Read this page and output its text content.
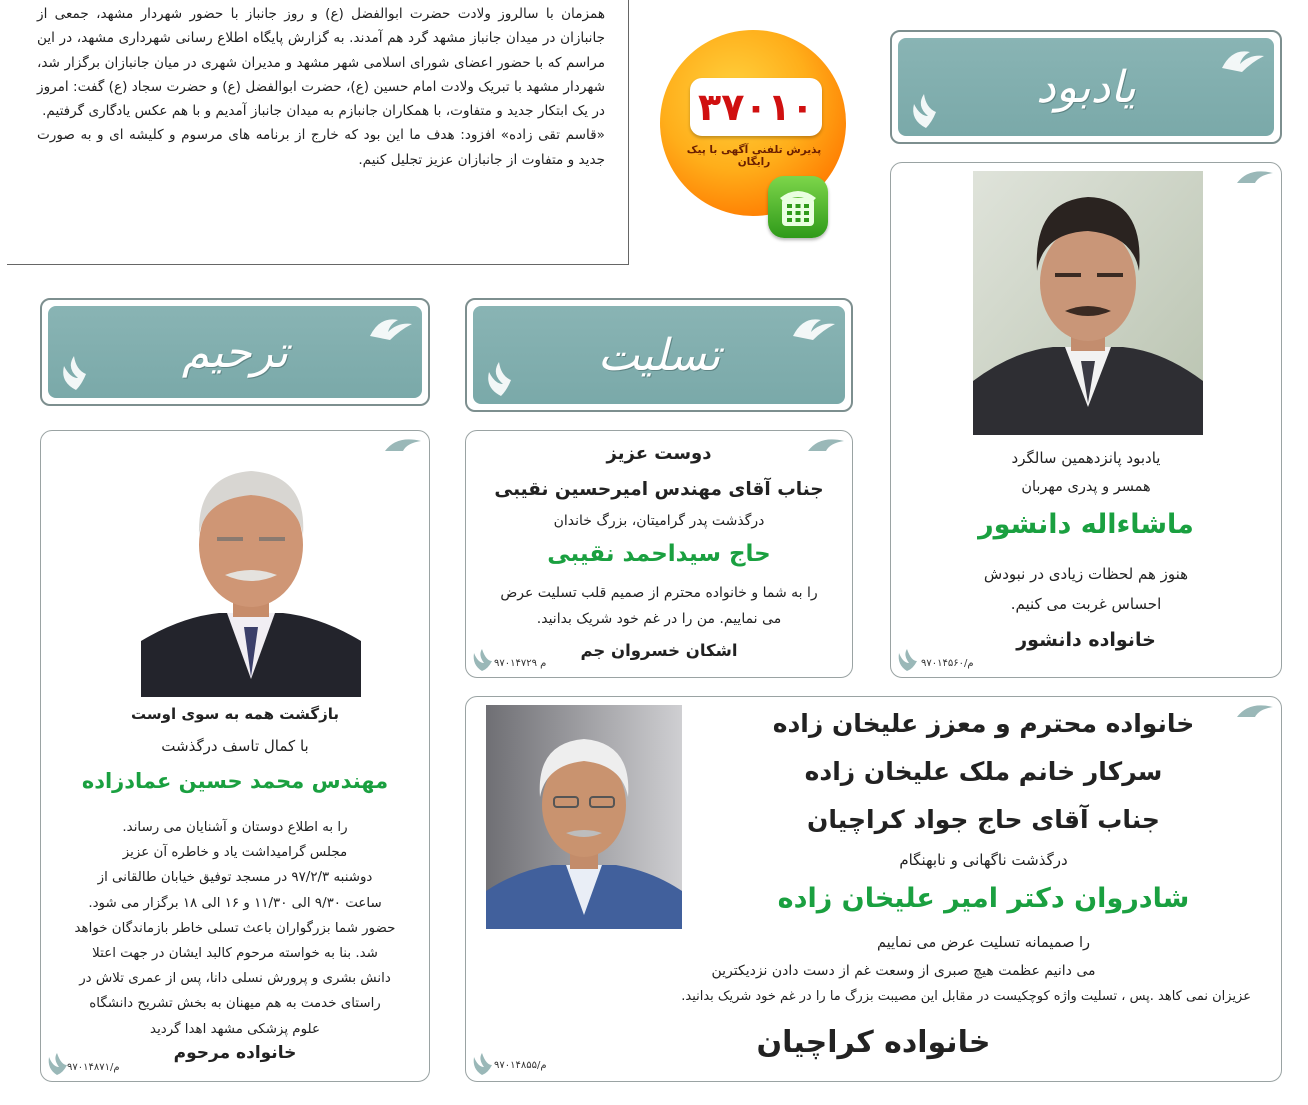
همزمان با سالروز ولادت حضرت ابوالفضل (ع) و روز جانباز با حضور شهردار مشهد، جمعی از جانبازان در میدان جانباز مشهد گرد هم آمدند. به گزارش پایگاه اطلاع رسانی شهرداری مشهد، در این مراسم که با حضور اعضای شورای اسلامی شهر مشهد و مدیران شهری در میان جانبازان برگزار شد، شهردار مشهد با تبریک ولادت امام حسین (ع)، حضرت ابوالفضل (ع) و حضرت سجاد (ع) گفت: امروز در یک ابتکار جدید و متفاوت، با همکاران جانبازم به میدان جانباز آمدیم و با هم عکس یادگاری گرفتیم.

«قاسم تقی زاده» افزود: هدف ما این بود که خارج از برنامه های مرسوم و کلیشه ای و به صورت جدید و متفاوت از جانبازان عزیز تجلیل کنیم.

۳۷۰۱۰
پذیرش تلفنی آگهی با پیک رایگان
یادبود
تسلیت
ترحیم
یادبود پانزدهمین سالگرد
همسر و پدری مهربان
ماشاءاله دانشور
هنوز هم لحظات زیادی در نبودش
احساس غربت می کنیم.
خانواده دانشور
م/۹۷۰۱۴۵۶۰
دوست عزیز
جناب آقای مهندس امیرحسین نقیبی
درگذشت پدر گرامیتان، بزرگ خاندان
حاج سیداحمد نقیبی
را به شما و خانواده محترم از صمیم قلب تسلیت عرض
می نماییم. من را در غم خود شریک بدانید.
اشکان خسروان جم
م ۹۷۰۱۴۷۲۹
بازگشت همه به سوی اوست
با کمال تاسف درگذشت
مهندس محمد حسین عمادزاده
را به اطلاع دوستان و آشنایان می رساند.
مجلس گرامیداشت یاد و خاطره آن عزیز
دوشنبه ۹۷/۲/۳ در مسجد توفیق خیابان طالقانی از
ساعت ۹/۳۰ الی ۱۱/۳۰ و ۱۶ الی ۱۸ برگزار می شود.
حضور شما بزرگواران باعث تسلی خاطر بازماندگان خواهد
شد. بنا به خواسته مرحوم کالبد ایشان در جهت اعتلا
دانش بشری و پرورش نسلی دانا، پس از عمری تلاش در
راستای خدمت به هم میهنان به بخش تشریح دانشگاه
علوم پزشکی مشهد اهدا گردید
خانواده مرحوم
م/۹۷۰۱۴۸۷۱
خانواده محترم و معزز علیخان زاده
سرکار خانم ملک علیخان زاده
جناب آقای حاج جواد کراچیان
درگذشت ناگهانی و نابهنگام
شادروان دکتر امیر علیخان زاده
را صمیمانه تسلیت عرض می نماییم
می دانیم عظمت هیچ صبری از وسعت غم از دست دادن نزدیکترین
عزیزان نمی کاهد .پس ، تسلیت واژه کوچکیست در مقابل این مصیبت بزرگ ما را در غم خود شریک بدانید.
خانواده کراچیان
م/۹۷۰۱۴۸۵۵
